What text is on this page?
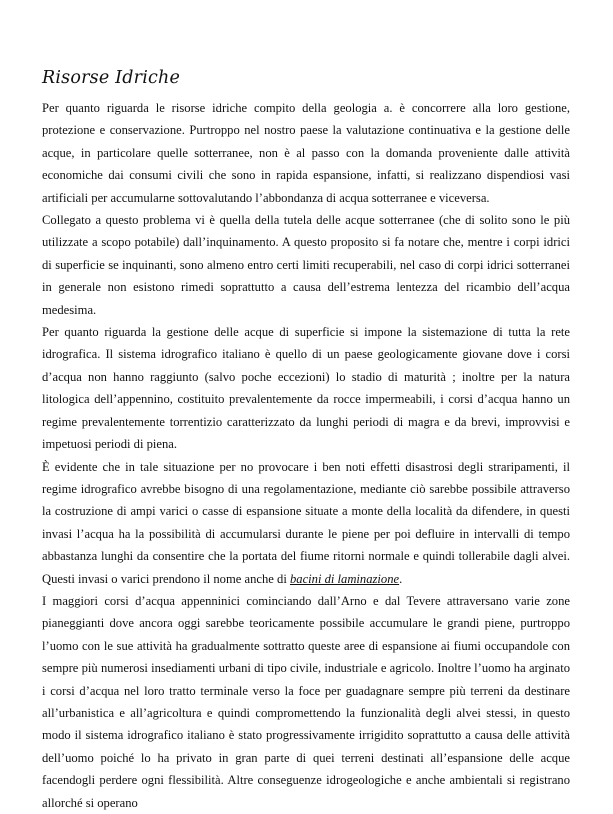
Risorse Idriche

Per quanto riguarda le risorse idriche compito della geologia a. è concorrere alla loro gestione, protezione e conservazione. Purtroppo nel nostro paese la valutazione continuativa e la gestione delle acque, in particolare quelle sotterranee, non è al passo con la domanda proveniente dalle attività economiche dai consumi civili che sono in rapida espansione, infatti, si realizzano dispendiosi vasi artificiali per accumularne sottovalutando l’abbondanza di acqua sotterranee e viceversa.

Collegato a questo problema vi è quella della tutela delle acque sotterranee (che di solito sono le più utilizzate a scopo potabile) dall’inquinamento. A questo proposito si fa notare che, mentre i corpi idrici di superficie se inquinanti, sono almeno entro certi limiti recuperabili, nel caso di corpi idrici sotterranei in generale non esistono rimedi soprattutto a causa dell’estrema lentezza del ricambio dell’acqua medesima.

Per quanto riguarda la gestione delle acque di superficie si impone la sistemazione di tutta la rete idrografica. Il sistema idrografico italiano è quello di un paese geologicamente giovane dove i corsi d’acqua non hanno raggiunto (salvo poche eccezioni) lo stadio di maturità ; inoltre per la natura litologica dell’appennino, costituito prevalentemente da rocce impermeabili, i corsi d’acqua hanno un regime prevalentemente torrentizio caratterizzato da lunghi periodi di magra e da brevi, improvvisi e impetuosi periodi di piena.

È evidente che in tale situazione per no provocare i ben noti effetti disastrosi degli straripamenti, il regime idrografico avrebbe bisogno di una regolamentazione, mediante ciò sarebbe possibile attraverso la costruzione di ampi varici o casse di espansione situate a monte della località da difendere, in questi invasi l’acqua ha la possibilità di accumularsi durante le piene per poi defluire in intervalli di tempo abbastanza lunghi da consentire che la portata del fiume ritorni normale e quindi tollerabile dagli alvei. Questi invasi o varici prendono il nome anche di bacini di laminazione.

I maggiori corsi d’acqua appenninici cominciando dall’Arno e dal Tevere attraversano varie zone pianeggianti dove ancora oggi sarebbe teoricamente possibile accumulare le grandi piene, purtroppo l’uomo con le sue attività ha gradualmente sottratto queste aree di espansione ai fiumi occupandole con sempre più numerosi insediamenti urbani di tipo civile, industriale e agricolo. Inoltre l’uomo ha arginato i corsi d’acqua nel loro tratto terminale verso la foce per guadagnare sempre più terreni da destinare all’urbanistica e all’agricoltura e quindi compromettendo la funzionalità degli alvei stessi, in questo modo il sistema idrografico italiano è stato progressivamente irrigidito soprattutto a causa delle attività dell’uomo poiché lo ha privato in gran parte di quei terreni destinati all’espansione delle acque facendogli perdere ogni flessibilità. Altre conseguenze idrogeologiche e anche ambientali si registrano allorché si operano
